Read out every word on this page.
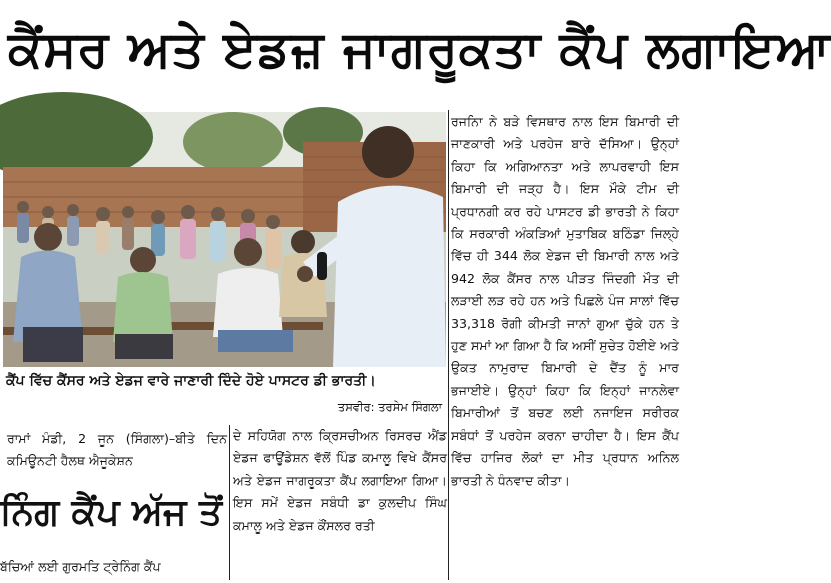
ਕੈਂਸਰ ਅਤੇ ਏਡਜ਼ ਜਾਗਰੂਕਤਾ ਕੈਂਪ ਲਗਾਇਆ

ਕੈਂਪ ਵਿੱਚ ਕੈਂਸਰ ਅਤੇ ਏਡਜ ਵਾਰੇ ਜਾਣਾਰੀ ਦਿੰਦੇ ਹੋਏ ਪਾਸਟਰ ਡੀ ਭਾਰਤੀ।

ਤਸਵੀਰ: ਤਰਸੇਮ ਸਿੰਗਲਾ

ਰਜਨਿਾ ਨੇ ਬੜੇ ਵਿਸਥਾਰ ਨਾਲ ਇਸ ਬਿਮਾਰੀ ਦੀ ਜਾਣਕਾਰੀ ਅਤੇ ਪਰਹੇਜ ਬਾਰੇ ਦੱਸਿਆ। ਉਨ੍ਹਾਂ ਕਿਹਾ ਕਿ ਅਗਿਆਨਤਾ ਅਤੇ ਲਾਪਰਵਾਹੀ ਇਸ ਬਿਮਾਰੀ ਦੀ ਜੜ੍ਹ ਹੈ। ਇਸ ਮੌਕੇ ਟੀਮ ਦੀ ਪ੍ਰਧਾਨਗੀ ਕਰ ਰਹੇ ਪਾਸਟਰ ਡੀ ਭਾਰਤੀ ਨੇ ਕਿਹਾ ਕਿ ਸਰਕਾਰੀ ਅੰਕੜਿਆਂ ਮੁਤਾਬਿਕ ਬਠਿੰਡਾ ਜਿਲ੍ਹੇ ਵਿੱਚ ਹੀ 344 ਲੋਕ ਏਡਜ ਦੀ ਬਿਮਾਰੀ ਨਾਲ ਅਤੇ 942 ਲੋਕ ਕੈਂਸਰ ਨਾਲ ਪੀੜਤ ਜਿੰਦਗੀ ਮੌਤ ਦੀ ਲੜਾਈ ਲੜ ਰਹੇ ਹਨ ਅਤੇ ਪਿਛਲੇ ਪੰਜ ਸਾਲਾਂ ਵਿੱਚ 33,318 ਰੋਗੀ ਕੀਮਤੀ ਜਾਨਾਂ ਗੁਆ ਚੁੱਕੇ ਹਨ ਤੇ ਹੁਣ ਸਮਾਂ ਆ ਗਿਆ ਹੈ ਕਿ ਅਸੀਂ ਸੁਚੇਤ ਹੋਈਏ ਅਤੇ ਉਕਤ ਨਾਮੁਰਾਦ ਬਿਮਾਰੀ ਦੇ ਦੈਂਤ ਨੂੰ ਮਾਰ ਭਜਾਈਏ। ਉਨ੍ਹਾਂ ਕਿਹਾ ਕਿ ਇਨ੍ਹਾਂ ਜਾਨਲੇਵਾ ਬਿਮਾਰੀਆਂ ਤੋਂ ਬਚਣ ਲਈ ਨਜਾਇਜ ਸਰੀਰਕ ਸਬੰਧਾਂ ਤੋਂ ਪਰਹੇਜ ਕਰਨਾ ਚਾਹੀਦਾ ਹੈ। ਇਸ ਕੈਂਪ ਵਿੱਚ ਹਾਜਿਰ ਲੋਕਾਂ ਦਾ ਮੀਤ ਪ੍ਰਧਾਨ ਅਨਿਲ ਭਾਰਤੀ ਨੇ ਧੰਨਵਾਦ ਕੀਤਾ।

ਦੇ ਸਹਿਯੋਗ ਨਾਲ ਕ੍ਰਿਸਚੀਅਨ ਰਿਸਰਚ ਐਂਡ ਏਡਜ ਫਾਊਂਡੇਸ਼ਨ ਵੱਲੋਂ ਪਿੰਡ ਕਮਾਲੂ ਵਿਖੇ ਕੈਂਸਰ ਅਤੇ ਏਡਜ ਜਾਗਰੂਕਤਾ ਕੈਂਪ ਲਗਾਇਆ ਗਿਆ। ਇਸ ਸਮੇਂ ਏਡਜ ਸਬੰਧੀ ਡਾ ਕੁਲਦੀਪ ਸਿੰਘ ਕਮਾਲੂ ਅਤੇ ਏਡਜ ਕੌਂਸਲਰ ਰਤੀ

ਰਾਮਾਂ ਮੰਡੀ, 2 ਜੂਨ (ਸਿੰਗਲਾ)–ਬੀਤੇ ਦਿਨ ਕਮਿਊਨਟੀ ਹੈਲਥ ਐਜੂਕੇਸ਼ਨ

ਨਿੰਗ ਕੈਂਪ ਅੱਜ ਤੋਂ
ਬੱਚਿਆਂ ਲਈ ਗੁਰਮਤਿ ਟ੍ਰੇਨਿੰਗ ਕੈਂਪ
